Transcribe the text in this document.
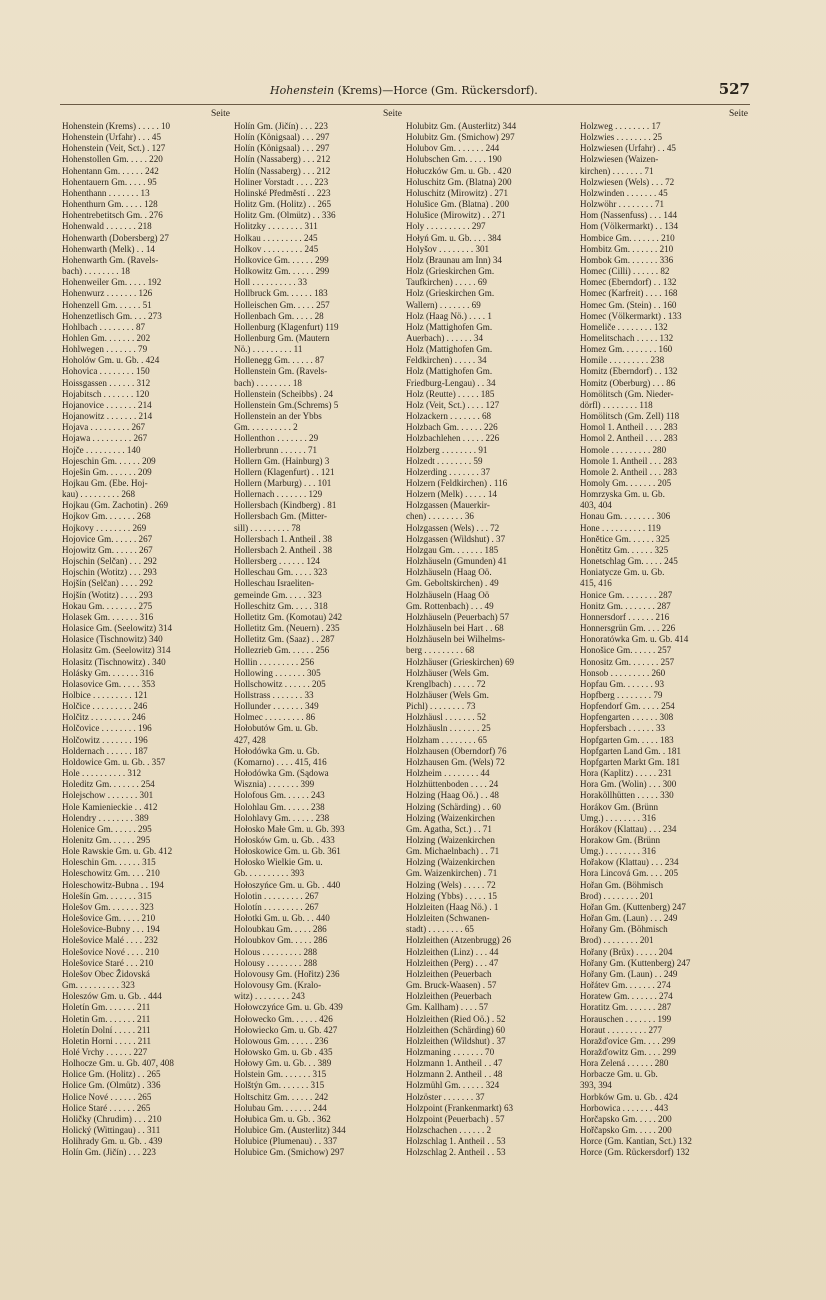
Hohenstein (Krems)—Horce (Gm. Rückersdorf).	527
Seite
Hohenstein (Krems) . . . . . 10
Hohenstein (Urfahr) . . . 45
Hohenstein (Veit, Sct.) . 127
Hohenstollen Gm. . . . . 220
Hohentann Gm. . . . . . 242
Hohentauern Gm. . . . . 95
Hohenthann . . . . . . . 13
Hohenthurn Gm. . . . . 128
Hohentrebetitsch Gm. . 276
Hohenwald . . . . . . . 218
Hohenwarth (Dobersberg) 27
Hohenwarth (Melk) . . 14
Hohenwarth Gm. (Ravels-
bach) . . . . . . . . 18
Hohenweiler Gm. . . . . 192
Hohenwurz . . . . . . . 126
Hohenzell Gm. . . . . . 51
Hohenzetlisch Gm. . . . 273
Hohlbach . . . . . . . . 87
Hohlen Gm. . . . . . . 202
Hohlwegen . . . . . . . 79
Hoholów Gm. u. Gb. . 424
Hohovica . . . . . . . . 150
Hoissgassen . . . . . . 312
Hojabitsch . . . . . . . 120
Hojanovice . . . . . . . 214
Hojanowitz . . . . . . . 214
Hojava . . . . . . . . . 267
Hojawa . . . . . . . . . 267
Hojče . . . . . . . . . 140
Hojeschin Gm. . . . . . 209
Hoješin Gm. . . . . . . 209
Hojkau Gm. (Ebe. Hoj-
kau) . . . . . . . . . 268
Hojkau (Gm. Zachotin) . 269
Hojkov Gm. . . . . . . 268
Hojkovy . . . . . . . . 269
Hojovice Gm. . . . . . 267
Hojowitz Gm. . . . . . 267
Hojschin (Selčan) . . . 292
Hojschin (Wotitz) . . . 293
Hojšín (Selčan) . . . . 292
Hojšín (Wotitz) . . . . 293
Hokau Gm. . . . . . . . 275
Holasek Gm. . . . . . . 316
Holasice Gm. (Seelowitz) 314
Holasice (Tischnowitz) 340
Holasitz Gm. (Seelowitz) 314
Holasitz (Tischnowitz) . 340
Holásky Gm. . . . . . . 316
Holasovice Gm. . . . . 353
Holbice . . . . . . . . . 121
Holčice . . . . . . . . . 246
Holčitz . . . . . . . . . 246
Holčovice . . . . . . . . 196
Holčowitz . . . . . . . 196
Holdernach . . . . . . 187
Holdowice Gm. u. Gb. . 357
Hole . . . . . . . . . . 312
Holeditz Gm. . . . . . . 254
Holejschow . . . . . . . 301
Hole Kamienieckie . . 412
Holendry . . . . . . . . 389
Holenice Gm. . . . . . 295
Holenitz Gm. . . . . . 295
Hole Rawskie Gm. u. Gb. 412
Holeschin Gm. . . . . . 315
Holeschowitz Gm. . . . 210
Holeschowitz-Bubna . . 194
Holešín Gm. . . . . . . 315
Holešov Gm. . . . . . . 323
Holešovice Gm. . . . . 210
Holešovice-Bubny . . . 194
Holešovice Malé . . . . 232
Holešovice Nové . . . . 210
Holešovice Staré . . . 210
Holešov Obec Židovská
Gm. . . . . . . . . . 323
Holeszów Gm. u. Gb. . 444
Holetín Gm. . . . . . . 211
Holetin Gm. . . . . . . 211
Holetín Dolní . . . . . 211
Holetin Horni . . . . . 211
Holé Vrchy . . . . . . 227
Holhocze Gm. u. Gb. 407, 408
Holice Gm. (Holitz) . . 265
Holice Gm. (Olmütz) . 336
Holice Nové . . . . . . 265
Holice Staré . . . . . . 265
Holičky (Chrudim) . . . 210
Holický (Wittingau) . . 311
Holihrady Gm. u. Gb. . 439
Holín Gm. (Jičín) . . . 223
Seite
Holín Gm. (Jičín) . . . 223
Holín (Königsaal) . . . 297
Holín (Königsaal) . . . 297
Holín (Nassaberg) . . . 212
Holín (Nassaberg) . . . 212
Holiner Vorstadt . . . . 223
Holinské Předměstí . . 223
Holitz Gm. (Holitz) . . 265
Holitz Gm. (Olmütz) . . 336
Holitzky . . . . . . . . 311
Holkau . . . . . . . . . 245
Holkov . . . . . . . . . 245
Holkovice Gm. . . . . . 299
Holkowitz Gm. . . . . . 299
Holl . . . . . . . . . . 33
Hollbruck Gm. . . . . . 183
Holleischen Gm. . . . . 257
Hollenbach Gm. . . . . 28
Hollenburg (Klagenfurt) 119
Hollenburg Gm. (Mautern
Nö.) . . . . . . . . . 11
Hollenegg Gm. . . . . . 87
Hollenstein Gm. (Ravels-
bach) . . . . . . . . 18
Hollenstein (Scheibbs) . 24
Hollenstein Gm.(Schrems) 5
Hollenstein an der Ybbs
Gm. . . . . . . . . . 2
Hollenthon . . . . . . . 29
Hollerbrunn . . . . . . 71
Hollern Gm. (Hainburg) 3
Hollern (Klagenfurt) . . 121
Hollern (Marburg) . . . 101
Hollernach . . . . . . . 129
Hollersbach (Kindberg) . 81
Hollersbach Gm. (Mitter-
sill) . . . . . . . . . 78
Hollersbach 1. Antheil . 38
Hollersbach 2. Antheil . 38
Hollersberg . . . . . . 124
Holleschau Gm. . . . . 323
Holleschau Israeliten-
gemeinde Gm. . . . . 323
Holleschitz Gm. . . . . 318
Holletitz Gm. (Komotau) 242
Holletitz Gm. (Neuern) . 235
Holletitz Gm. (Saaz) . . 287
Hollezrieb Gm. . . . . . 256
Hollin . . . . . . . . . 256
Hollowing . . . . . . . 305
Hollschowitz . . . . . . 205
Hollstrass . . . . . . . 33
Hollunder . . . . . . . 349
Holmec . . . . . . . . . 86
Hołobutów Gm. u. Gb.
427, 428
Hołodówka Gm. u. Gb.
(Komarno) . . . . 415, 416
Hołodówka Gm. (Sądowa
Wisznia) . . . . . . . 399
Holofous Gm. . . . . . 243
Holohlau Gm. . . . . . 238
Holohlavy Gm. . . . . . 238
Hołosko Małe Gm. u. Gb. 393
Hołosków Gm. u. Gb. . 433
Hołoskowice Gm. u. Gb. 361
Hołosko Wielkie Gm. u.
Gb. . . . . . . . . . 393
Hołoszyńce Gm. u. Gb. . 440
Holotin . . . . . . . . . 267
Holotín . . . . . . . . . 267
Hołotki Gm. u. Gb. . . 440
Holoubkau Gm. . . . . 286
Holoubkov Gm. . . . . 286
Holous . . . . . . . . . 288
Holousy . . . . . . . . 288
Holovousy Gm. (Hořitz) 236
Holovousy Gm. (Kralo-
witz) . . . . . . . . 243
Hołowczyńce Gm. u. Gb. 439
Hołowecko Gm. . . . . . 426
Hołowiecko Gm. u. Gb. 427
Holowous Gm. . . . . . 236
Hołowsko Gm. u. Gb . 435
Hołowy Gm. u. Gb. . . 389
Holstein Gm. . . . . . . 315
Holštýn Gm. . . . . . . 315
Holtschitz Gm. . . . . . 242
Holubau Gm. . . . . . . 244
Hołubica Gm. u. Gb. . 362
Holubice Gm. (Austerlitz) 344
Holubice (Plumenau) . . 337
Holubice Gm. (Smichow) 297
Holubitz Gm. (Austerlitz) 344
Holubitz Gm. (Smichow) 297
Holubov Gm. . . . . . . 244
Holubschen Gm. . . . . 190
Hołuczków Gm. u. Gb. . 420
Holuschitz Gm. (Blatna) 200
Holuschitz (Mirowitz) . 271
Holušice Gm. (Blatna) . 200
Holušice (Mirowitz) . . 271
Holy . . . . . . . . . . 297
Hołyń Gm. u. Gb. . . . 384
Holyšov . . . . . . . . 301
Holz (Braunau am Inn) 34
Holz (Grieskirchen Gm.
Taufkirchen) . . . . . 69
Holz (Grieskirchen Gm.
Wallern) . . . . . . . 69
Holz (Haag Nö.) . . . . 1
Holz (Mattighofen Gm.
Auerbach) . . . . . . 34
Holz (Mattighofen Gm.
Feldkirchen) . . . . . 34
Holz (Mattighofen Gm.
Friedburg-Lengau) . . 34
Holz (Reutte) . . . . . 185
Holz (Veit, Sct.) . . . . 127
Holzackern . . . . . . . 68
Holzbach Gm. . . . . . 226
Holzbachlehen . . . . . 226
Holzberg . . . . . . . . 91
Holzedt . . . . . . . . 59
Holzerding . . . . . . . 37
Holzern (Feldkirchen) . 116
Holzern (Melk) . . . . . 14
Holzgassen (Mauerkir-
chen) . . . . . . . . 36
Holzgassen (Wels) . . . 72
Holzgassen (Wildshut) . 37
Holzgau Gm. . . . . . . 185
Holzhäuseln (Gmunden) 41
Holzhäuseln (Haag Oö.
Gm. Geboltskirchen) . 49
Holzhäuseln (Haag Oö
Gm. Rottenbach) . . . 49
Holzhäuseln (Peuerbach) 57
Holzhäuseln bei Hart . . 68
Holzhäuseln bei Wilhelms-
berg . . . . . . . . . 68
Holzhäuser (Grieskirchen) 69
Holzhäuser (Wels Gm.
Krenglbach) . . . . . 72
Holzhäuser (Wels Gm.
Pichl) . . . . . . . . 73
Holzhäusl . . . . . . . 52
Holzhäusln . . . . . . . 25
Holzham . . . . . . . . 65
Holzhausen (Oberndorf) 76
Holzhausen Gm. (Wels) 72
Holzheim . . . . . . . . 44
Holzhüttenboden . . . . 24
Holzing (Haag Oö.) . . 48
Holzing (Schärding) . . 60
Holzing (Waizenkirchen
Gm. Agatha, Sct.) . . 71
Holzing (Waizenkirchen
Gm. Michaelnbach) . . 71
Holzing (Waizenkirchen
Gm. Waizenkirchen) . 71
Holzing (Wels) . . . . . 72
Holzing (Ybbs) . . . . . 15
Holzleiten (Haag Nö.) . 1
Holzleiten (Schwanen-
stadt) . . . . . . . . 65
Holzleithen (Atzenbrugg) 26
Holzleithen (Linz) . . . 44
Holzleithen (Perg) . . . 47
Holzleithen (Peuerbach
Gm. Bruck-Waasen) . 57
Holzleithen (Peuerbach
Gm. Kallham) . . . . 57
Holzleithen (Ried Oö.) . 52
Holzleithen (Schärding) 60
Holzleithen (Wildshut) . 37
Holzmaning . . . . . . . 70
Holzmann 1. Antheil . . 47
Holzmann 2. Antheil . . 48
Holzmühl Gm. . . . . . 324
Holzöster . . . . . . . 37
Holzpoint (Frankenmarkt) 63
Holzpoint (Peuerbach) . 57
Holzschachen . . . . . . 2
Holzschlag 1. Antheil . . 53
Holzschlag 2. Antheil . . 53
Seite
Holzweg . . . . . . . . 17
Holzwies . . . . . . . . 25
Holzwiesen (Urfahr) . . 45
Holzwiesen (Waizen-
kirchen) . . . . . . . 71
Holzwiesen (Wels) . . . 72
Holzwinden . . . . . . . 45
Holzwöhr . . . . . . . . 71
Hom (Nassenfuss) . . . 144
Hom (Völkermarkt) . . 134
Hombice Gm. . . . . . . 210
Hombitz Gm. . . . . . . 210
Hombok Gm. . . . . . . 336
Homec (Cilli) . . . . . . 82
Homec (Eberndorf) . . 132
Homec (Karfreit) . . . . 168
Homec Gm. (Stein) . . 160
Homec (Völkermarkt) . 133
Homeliče . . . . . . . . 132
Homelitschach . . . . . 132
Homez Gm. . . . . . . . 160
Homile . . . . . . . . . 238
Homitz (Eberndorf) . . 132
Homitz (Oberburg) . . . 86
Homölitsch (Gm. Nieder-
dörfl) . . . . . . . . 118
Homölitsch (Gm. Zell) 118
Homol 1. Antheil . . . . 283
Homol 2. Antheil . . . . 283
Homole . . . . . . . . . 280
Homole 1. Antheil . . . 283
Homole 2. Antheil . . . 283
Homoly Gm. . . . . . . 205
Homrzyska Gm. u. Gb.
403, 404
Honau Gm. . . . . . . . 306
Hone . . . . . . . . . . 119
Honětice Gm. . . . . . 325
Honětitz Gm. . . . . . 325
Honetschlag Gm. . . . . 245
Honiatycze Gm. u. Gb.
415, 416
Honice Gm. . . . . . . . 287
Honitz Gm. . . . . . . . 287
Honnersdorf . . . . . . 216
Honnersgrün Gm. . . . 226
Honoratówka Gm. u. Gb. 414
Honošice Gm. . . . . . 257
Honositz Gm. . . . . . . 257
Honsob . . . . . . . . . 260
Hopfau Gm. . . . . . . 93
Hopfberg . . . . . . . . 79
Hopfendorf Gm. . . . . 254
Hopfengarten . . . . . . 308
Hopfersbach . . . . . . 33
Hopfgarten Gm. . . . . 183
Hopfgarten Land Gm. . 181
Hopfgarten Markt Gm. 181
Hora (Kaplitz) . . . . . 231
Hora Gm. (Wolin) . . . 300
Horaköllhütten . . . . . 330
Horákov Gm. (Brünn
Umg.) . . . . . . . . 316
Horákov (Klattau) . . . 234
Horakow Gm. (Brünn
Umg.) . . . . . . . . 316
Hořakow (Klattau) . . . 234
Hora Lincová Gm. . . . 205
Hořan Gm. (Böhmisch
Brod) . . . . . . . . 201
Hořan Gm. (Kuttenberg) 247
Hořan Gm. (Laun) . . . 249
Hořany Gm. (Böhmisch
Brod) . . . . . . . . 201
Hořany (Brüx) . . . . . 204
Hořany Gm. (Kuttenberg) 247
Hořany Gm. (Laun) . . 249
Hořátev Gm. . . . . . . 274
Horatew Gm. . . . . . . 274
Horatitz Gm. . . . . . . 287
Horauschen . . . . . . . 199
Horaut . . . . . . . . . 277
Horažďovice Gm. . . . 299
Horažďowitz Gm. . . . 299
Hora Zelená . . . . . . 280
Horbacze Gm. u. Gb.
393, 394
Horbków Gm. u. Gb. . 424
Horbowica . . . . . . . 443
Horčapsko Gm. . . . . 200
Hořčapsko Gm. . . . . 200
Horce (Gm. Kantian, Sct.) 132
Horce (Gm. Rückersdorf) 132
